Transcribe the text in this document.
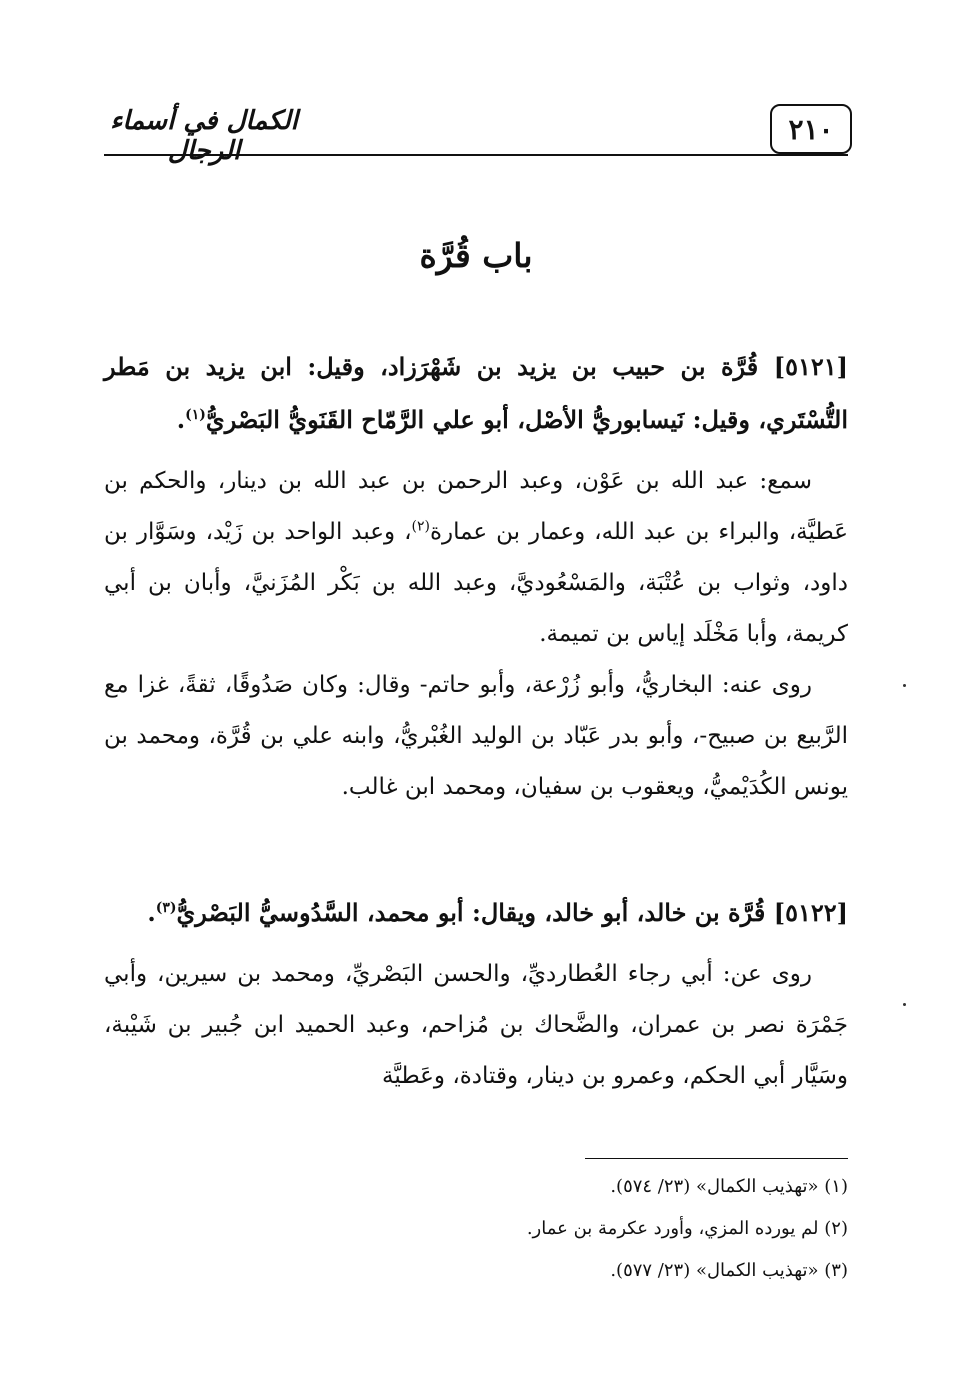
٢١٠
الكمال في أسماء الرجال
باب قُرَّة
[٥١٢١] قُرَّة بن حبيب بن يزيد بن شَهْرَزاد، وقيل: ابن يزيد بن مَطر التُّسْتَري، وقيل: نَيسابوريُّ الأصْل، أبو علي الرَّمّاح القَنَويُّ البَصْريُّ$^{(١)}$.
سمع: عبد الله بن عَوْن، وعبد الرحمن بن عبد الله بن دينار، والحكم بن عَطيَّة، والبراء بن عبد الله، وعمار بن عمارة$^{(٢)}$، وعبد الواحد بن زَيْد، وسَوَّار بن داود، وثواب بن عُتْبَة، والمَسْعُوديَّ، وعبد الله بن بَكْر المُزَنيَّ، وأبان بن أبي كريمة، وأبا مَخْلَد إياس بن تميمة.
روى عنه: البخاريُّ، وأبو زُرْعة، وأبو حاتم- وقال: وكان صَدُوقًا، ثقةً، غزا مع الرَّبيع بن صبيح-، وأبو بدر عَبّاد بن الوليد الغُبْريُّ، وابنه علي بن قُرَّة، ومحمد بن يونس الكُدَيْميُّ، ويعقوب بن سفيان، ومحمد ابن غالب.
[٥١٢٢] قُرَّة بن خالد، أبو خالد، ويقال: أبو محمد، السَّدُوسيُّ البَصْريُّ$^{(٣)}$.
روى عن: أبي رجاء العُطارديِّ، والحسن البَصْريِّ، ومحمد بن سيرين، وأبي جَمْرَة نصر بن عمران، والضَّحاك بن مُزاحم، وعبد الحميد ابن جُبير بن شَيْبة، وسَيَّار أبي الحكم، وعمرو بن دينار، وقتادة، وعَطيَّة
(١) «تهذيب الكمال» (٢٣/ ٥٧٤).
(٢) لم يورده المزي، وأورد عكرمة بن عمار.
(٣) «تهذيب الكمال» (٢٣/ ٥٧٧).
